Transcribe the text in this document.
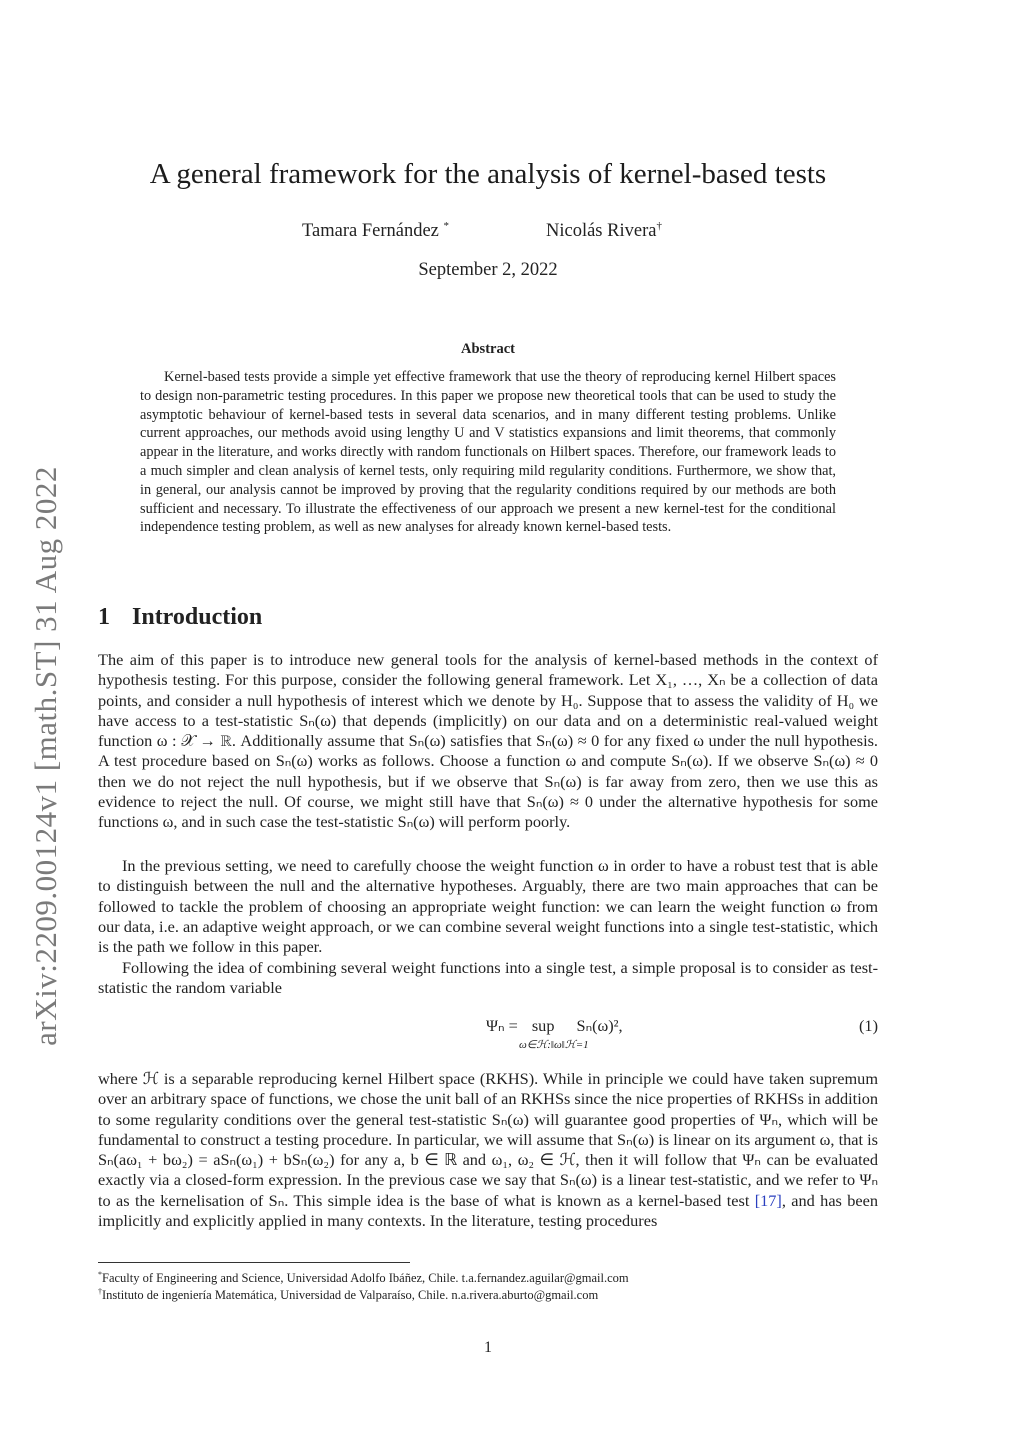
arXiv:2209.00124v1 [math.ST] 31 Aug 2022
A general framework for the analysis of kernel-based tests
Tamara Fernández *	Nicolás Rivera†
September 2, 2022
Abstract
Kernel-based tests provide a simple yet effective framework that use the theory of reproducing kernel Hilbert spaces to design non-parametric testing procedures. In this paper we propose new theoretical tools that can be used to study the asymptotic behaviour of kernel-based tests in several data scenarios, and in many different testing problems. Unlike current approaches, our methods avoid using lengthy U and V statistics expansions and limit theorems, that commonly appear in the literature, and works directly with random functionals on Hilbert spaces. Therefore, our framework leads to a much simpler and clean analysis of kernel tests, only requiring mild regularity conditions. Furthermore, we show that, in general, our analysis cannot be improved by proving that the regularity conditions required by our methods are both sufficient and necessary. To illustrate the effectiveness of our approach we present a new kernel-test for the conditional independence testing problem, as well as new analyses for already known kernel-based tests.
1 Introduction
The aim of this paper is to introduce new general tools for the analysis of kernel-based methods in the context of hypothesis testing. For this purpose, consider the following general framework. Let X₁, …, Xₙ be a collection of data points, and consider a null hypothesis of interest which we denote by H₀. Suppose that to assess the validity of H₀ we have access to a test-statistic Sₙ(ω) that depends (implicitly) on our data and on a deterministic real-valued weight function ω : 𝒳 → ℝ. Additionally assume that Sₙ(ω) satisfies that Sₙ(ω) ≈ 0 for any fixed ω under the null hypothesis. A test procedure based on Sₙ(ω) works as follows. Choose a function ω and compute Sₙ(ω). If we observe Sₙ(ω) ≈ 0 then we do not reject the null hypothesis, but if we observe that Sₙ(ω) is far away from zero, then we use this as evidence to reject the null. Of course, we might still have that Sₙ(ω) ≈ 0 under the alternative hypothesis for some functions ω, and in such case the test-statistic Sₙ(ω) will perform poorly.
In the previous setting, we need to carefully choose the weight function ω in order to have a robust test that is able to distinguish between the null and the alternative hypotheses. Arguably, there are two main approaches that can be followed to tackle the problem of choosing an appropriate weight function: we can learn the weight function ω from our data, i.e. an adaptive weight approach, or we can combine several weight functions into a single test-statistic, which is the path we follow in this paper.
Following the idea of combining several weight functions into a single test, a simple proposal is to consider as test-statistic the random variable
Ψₙ = sup
ω∈ℋ:‖ω‖ℋ=1
Sₙ(ω)²,	(1)
where ℋ is a separable reproducing kernel Hilbert space (RKHS). While in principle we could have taken supremum over an arbitrary space of functions, we chose the unit ball of an RKHSs since the nice properties of RKHSs in addition to some regularity conditions over the general test-statistic Sₙ(ω) will guarantee good properties of Ψₙ, which will be fundamental to construct a testing procedure. In particular, we will assume that Sₙ(ω) is linear on its argument ω, that is Sₙ(aω₁ + bω₂) = aSₙ(ω₁) + bSₙ(ω₂) for any a, b ∈ ℝ and ω₁, ω₂ ∈ ℋ, then it will follow that Ψₙ can be evaluated exactly via a closed-form expression. In the previous case we say that Sₙ(ω) is a linear test-statistic, and we refer to Ψₙ to as the kernelisation of Sₙ. This simple idea is the base of what is known as a kernel-based test [17], and has been implicitly and explicitly applied in many contexts. In the literature, testing procedures
*Faculty of Engineering and Science, Universidad Adolfo Ibáñez, Chile. t.a.fernandez.aguilar@gmail.com
†Instituto de ingeniería Matemática, Universidad de Valparaíso, Chile. n.a.rivera.aburto@gmail.com
1
